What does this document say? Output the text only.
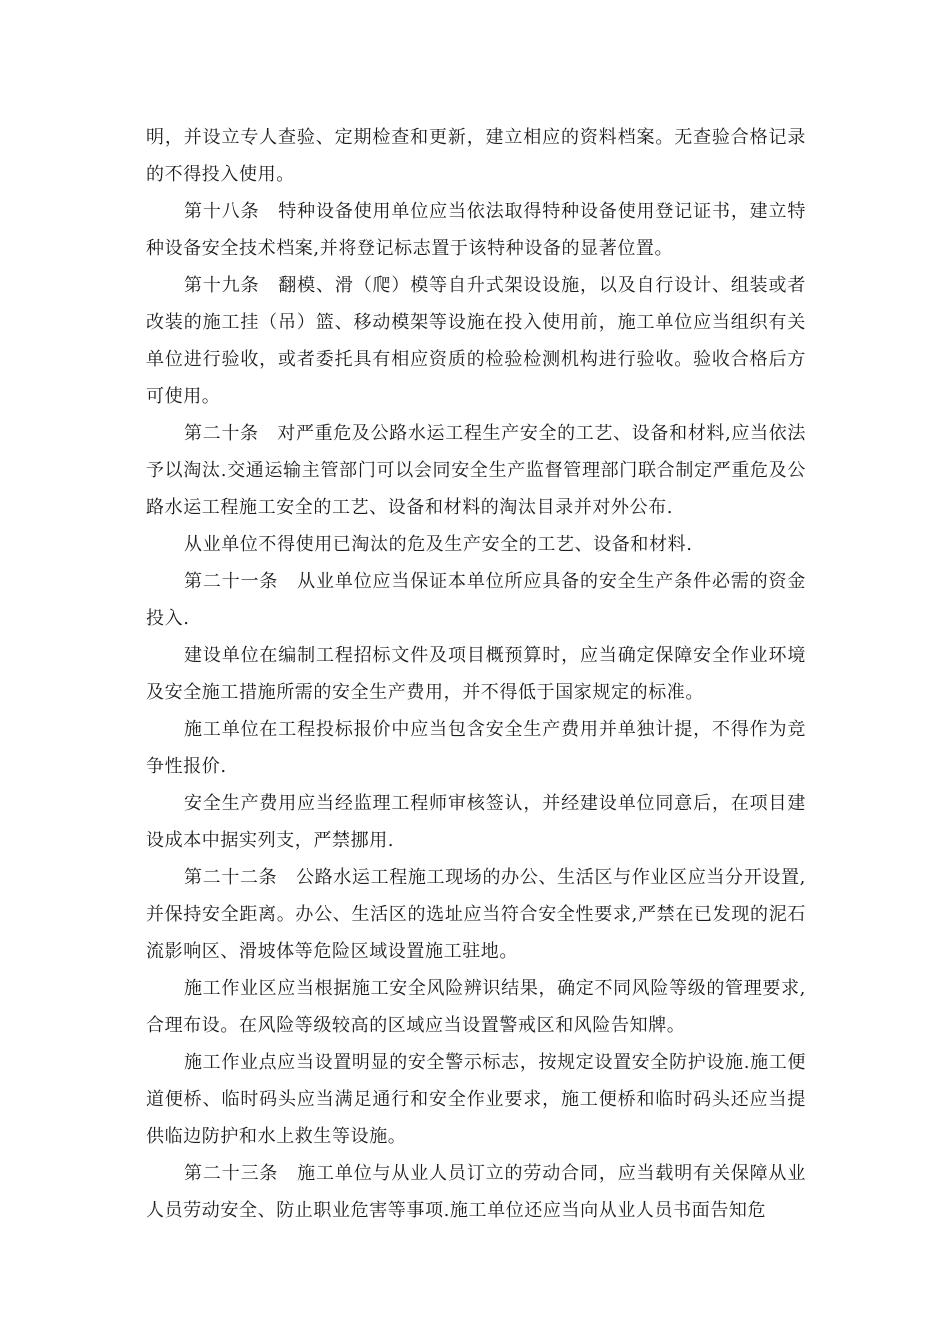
明，并设立专人查验、定期检查和更新，建立相应的资料档案。无查验合格记录的不得投入使用。

第十八条　特种设备使用单位应当依法取得特种设备使用登记证书，建立特种设备安全技术档案,并将登记标志置于该特种设备的显著位置。

第十九条　翻模、滑（爬）模等自升式架设设施，以及自行设计、组装或者改装的施工挂（吊）篮、移动模架等设施在投入使用前，施工单位应当组织有关单位进行验收，或者委托具有相应资质的检验检测机构进行验收。验收合格后方可使用。

第二十条　对严重危及公路水运工程生产安全的工艺、设备和材料,应当依法予以淘汰.交通运输主管部门可以会同安全生产监督管理部门联合制定严重危及公路水运工程施工安全的工艺、设备和材料的淘汰目录并对外公布.

从业单位不得使用已淘汰的危及生产安全的工艺、设备和材料.

第二十一条　从业单位应当保证本单位所应具备的安全生产条件必需的资金投入.

建设单位在编制工程招标文件及项目概预算时，应当确定保障安全作业环境及安全施工措施所需的安全生产费用，并不得低于国家规定的标准。

施工单位在工程投标报价中应当包含安全生产费用并单独计提，不得作为竞争性报价.

安全生产费用应当经监理工程师审核签认，并经建设单位同意后，在项目建设成本中据实列支，严禁挪用.

第二十二条　公路水运工程施工现场的办公、生活区与作业区应当分开设置,并保持安全距离。办公、生活区的选址应当符合安全性要求,严禁在已发现的泥石流影响区、滑坡体等危险区域设置施工驻地。

施工作业区应当根据施工安全风险辨识结果，确定不同风险等级的管理要求,合理布设。在风险等级较高的区域应当设置警戒区和风险告知牌。

施工作业点应当设置明显的安全警示标志，按规定设置安全防护设施.施工便道便桥、临时码头应当满足通行和安全作业要求，施工便桥和临时码头还应当提供临边防护和水上救生等设施。

第二十三条　施工单位与从业人员订立的劳动合同，应当载明有关保障从业人员劳动安全、防止职业危害等事项.施工单位还应当向从业人员书面告知危
